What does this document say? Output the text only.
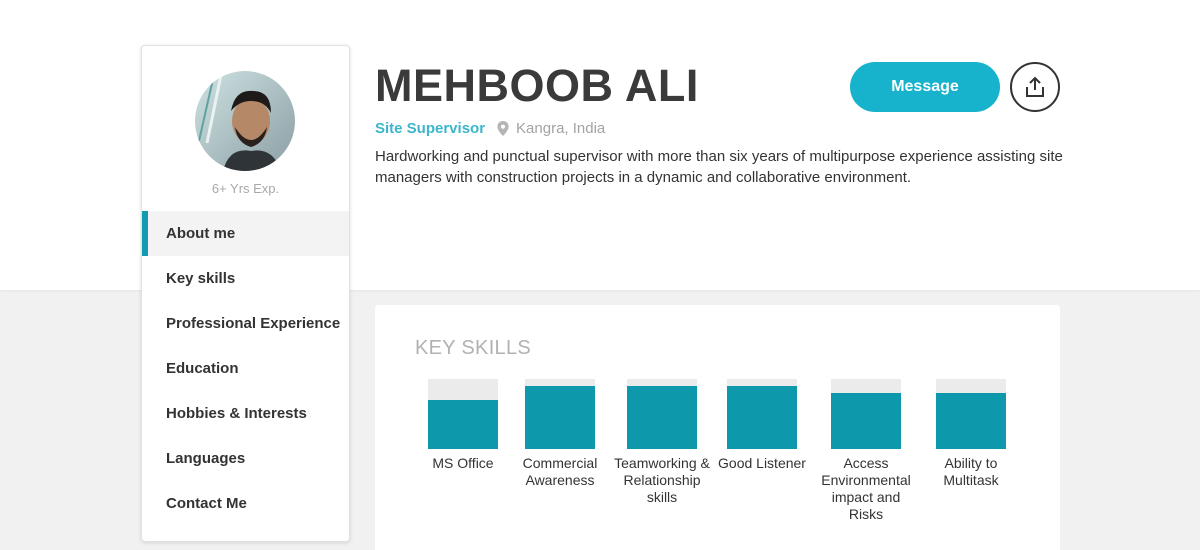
6+ Yrs Exp.
About me
Key skills
Professional Experience
Education
Hobbies & Interests
Languages
Contact Me
MEHBOOB ALI
Site Supervisor Kangra, India

Hardworking and punctual supervisor with more than six years of multipurpose experience assisting site managers with construction projects in a dynamic and collaborative environment.

Message
KEY SKILLS
MS Office	Commercial Awareness
Teamworking & Relationship skills
Good Listener	Access Environmental impact and Risks
Ability to Multitask
